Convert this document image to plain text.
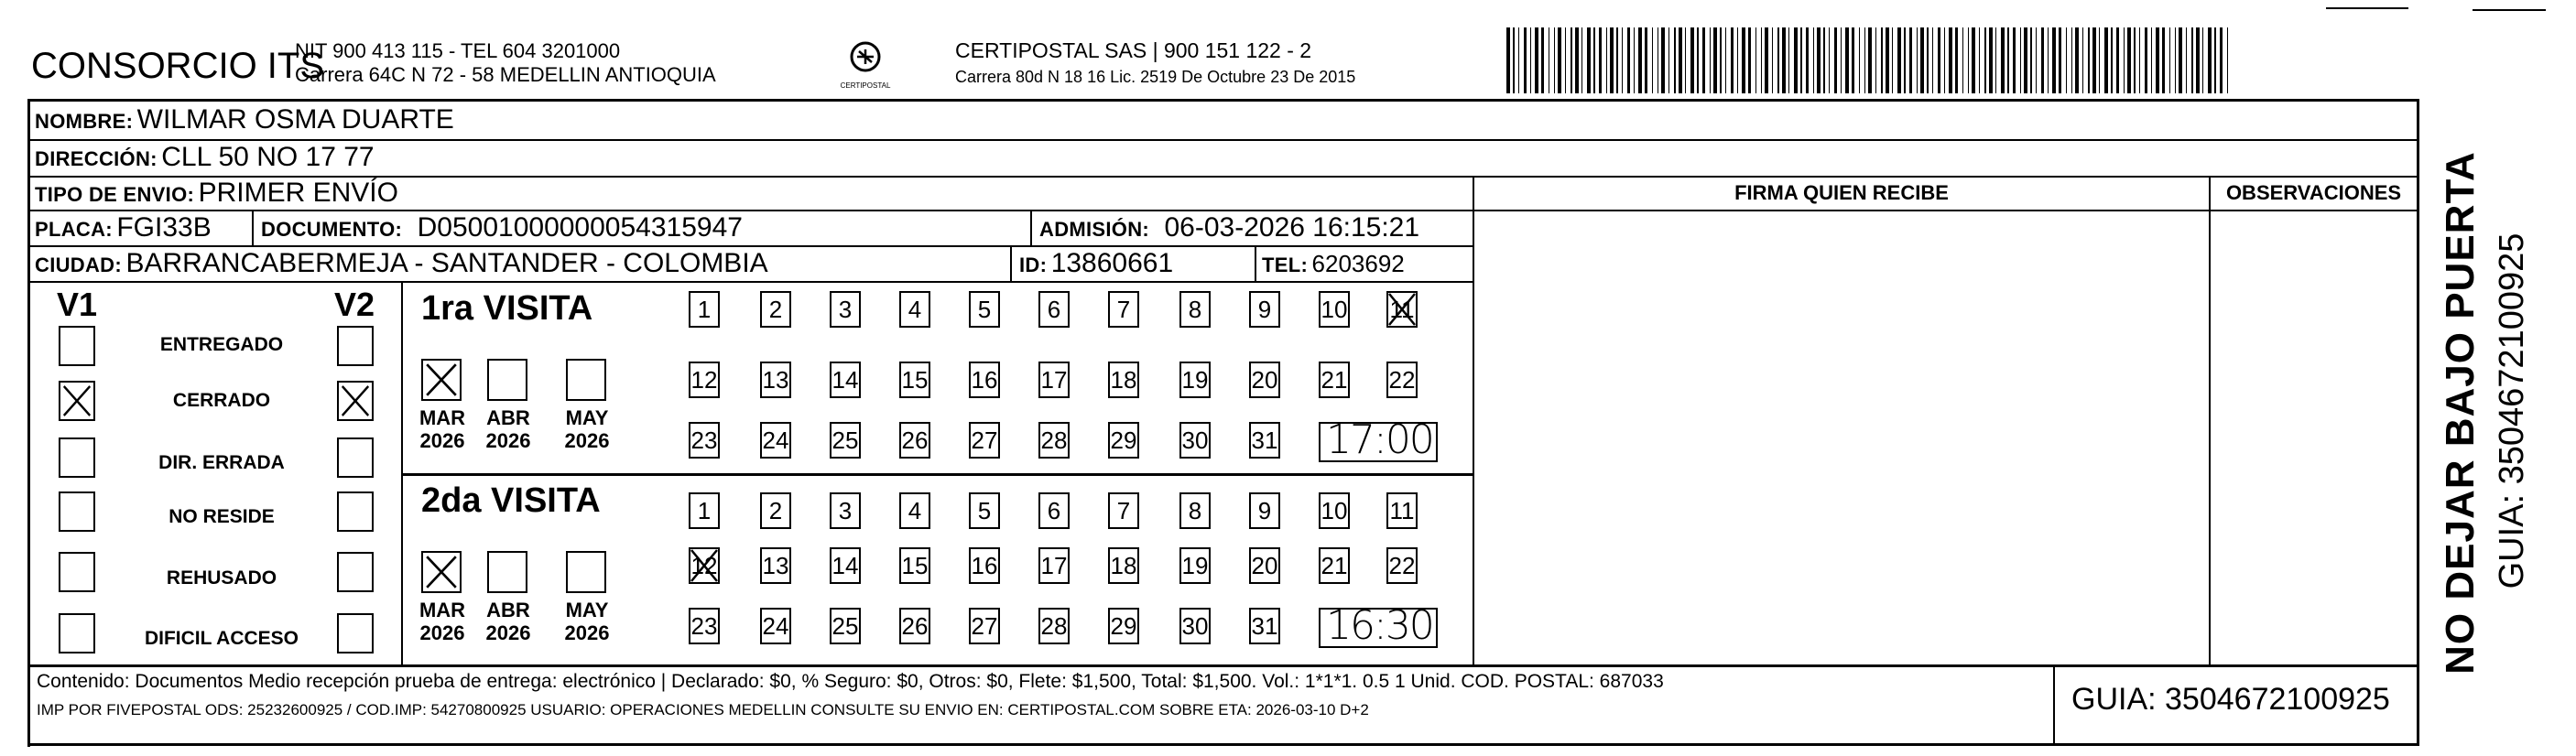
CONSORCIO ITS
NIT 900 413 115 - TEL 604 3201000
Carrera 64C N 72 - 58 MEDELLIN ANTIOQUIA	CERTIPOSTAL
CERTIPOSTAL SAS | 900 151 122 - 2
Carrera 80d N 18 16 Lic. 2519 De Octubre 23 De 2015
NOMBRE: WILMAR OSMA DUARTE
DIRECCIÓN: CLL 50 NO 17 77
TIPO DE ENVIO: PRIMER ENVÍO	FIRMA QUIEN RECIBE	OBSERVACIONES
PLACA: FGI33B DOCUMENTO: D05001000000054315947	ADMISIÓN: 06-03-2026 16:15:21
CIUDAD: BARRANCABERMEJA - SANTANDER - COLOMBIA	ID: 13860661	TEL: 6203692
V1	V2
Contenido: Documentos Medio recepción prueba de entrega: electrónico | Declarado: $0, % Seguro: $0, Otros: $0, Flete: $1,500, Total: $1,500. Vol.: 1*1*1. 0.5 1 Unid. COD. POSTAL: 687033
IMP POR FIVEPOSTAL ODS: 25232600925 / COD.IMP: 54270800925 USUARIO: OPERACIONES MEDELLIN CONSULTE SU ENVIO EN: CERTIPOSTAL.COM SOBRE ETA: 2026-03-10 D+2	GUIA: 3504672100925
NO DEJAR BAJO PUERTA GUIA: 3504672100925
ENTREGADO
CERRADO
DIR. ERRADA
NO RESIDE
REHUSADO
DIFICIL ACCESO
1ra VISITA
MAR
2026
ABR
2026
MAY
2026
1	2	3	4	5	6	7	8	9	10 11
12 13 14 15 16 17 18 19 20 21 22
23 24 25 26 27 28 29 30 31 17:00
2da VISITA
MAR
2026
ABR
2026
MAY
2026
1	2	3	4	5	6	7	8	9	10 11
12 13 14 15 16 17 18 19 20 21 22
23 24 25 26 27 28 29 30 31 16:30
